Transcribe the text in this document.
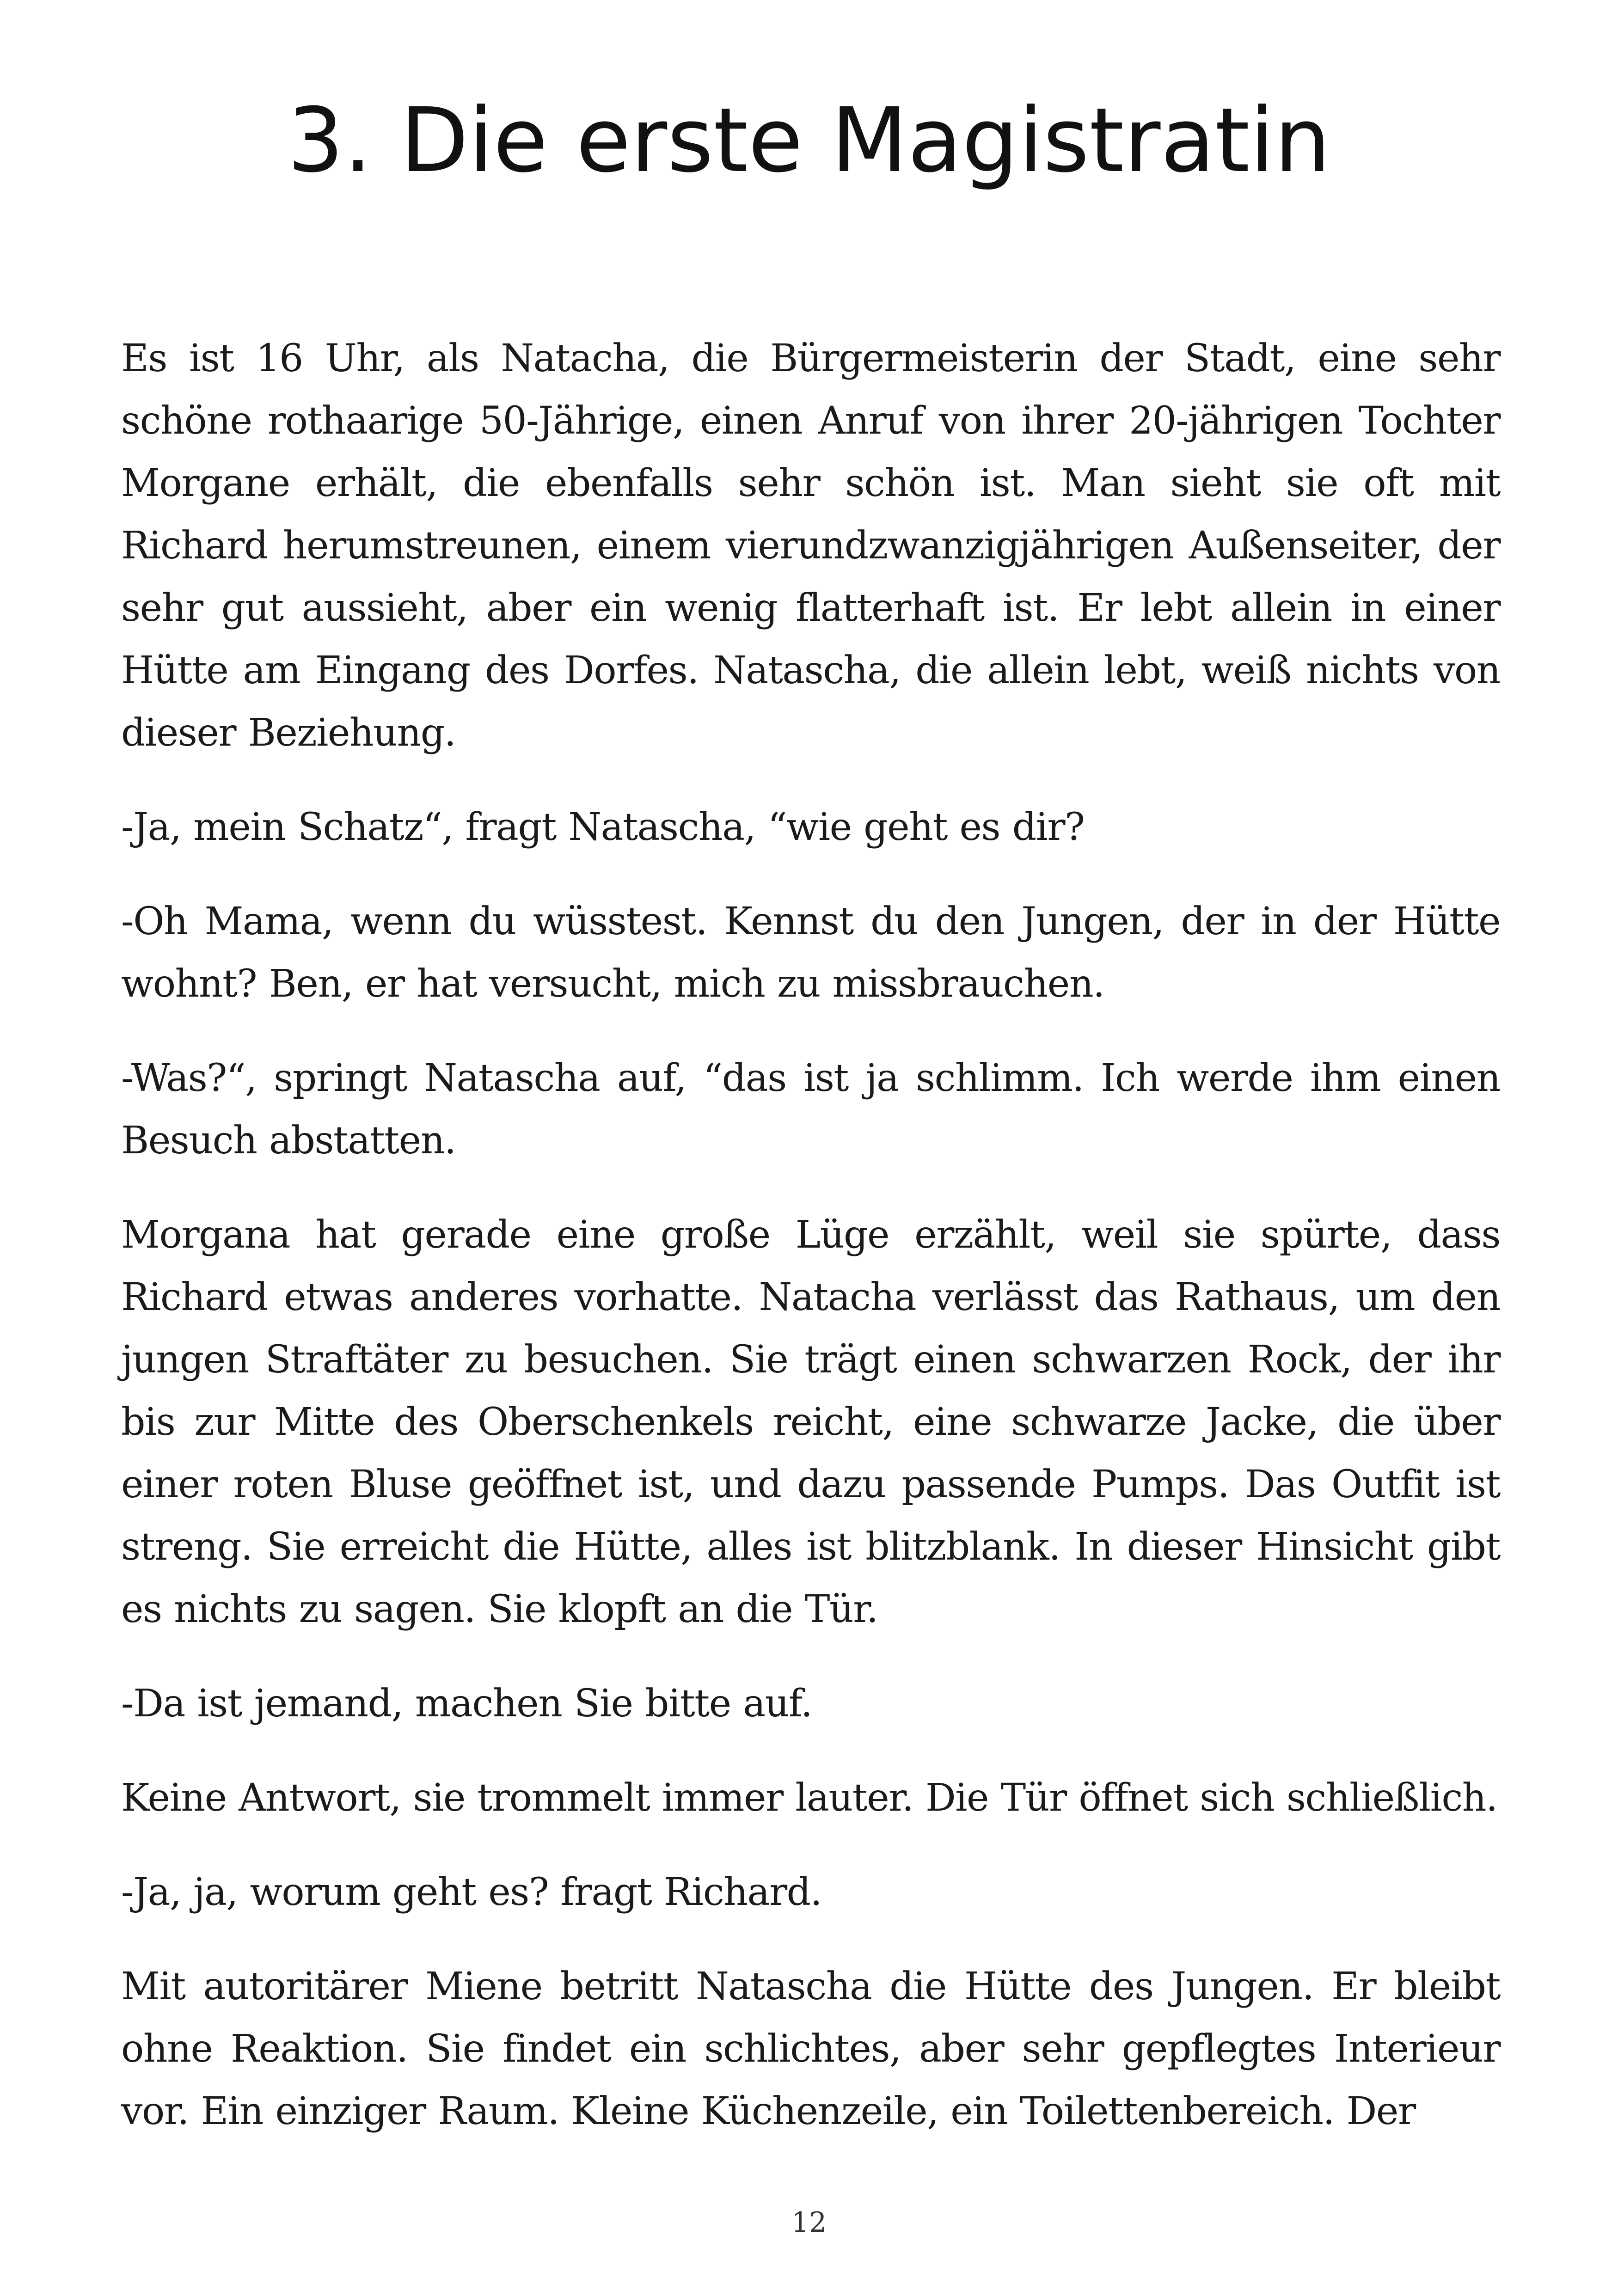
3. Die erste Magistratin

Es ist 16 Uhr, als Natacha, die Bürgermeisterin der Stadt, eine sehr schöne rothaarige 50-Jährige, einen Anruf von ihrer 20-jährigen Tochter Morgane erhält, die ebenfalls sehr schön ist. Man sieht sie oft mit Richard herumstreunen, einem vierundzwanzigjährigen Außenseiter, der sehr gut aussieht, aber ein wenig flatterhaft ist. Er lebt allein in einer Hütte am Eingang des Dorfes. Natascha, die allein lebt, weiß nichts von dieser Beziehung.

-Ja, mein Schatz“, fragt Natascha, “wie geht es dir?

-Oh Mama, wenn du wüsstest. Kennst du den Jungen, der in der Hütte wohnt? Ben, er hat versucht, mich zu missbrauchen.

-Was?“, springt Natascha auf, “das ist ja schlimm. Ich werde ihm einen Besuch abstatten.

Morgana hat gerade eine große Lüge erzählt, weil sie spürte, dass Richard etwas anderes vorhatte. Natacha verlässt das Rathaus, um den jungen Straftäter zu besuchen. Sie trägt einen schwarzen Rock, der ihr bis zur Mitte des Oberschenkels reicht, eine schwarze Jacke, die über einer roten Bluse geöffnet ist, und dazu passende Pumps. Das Outfit ist streng. Sie erreicht die Hütte, alles ist blitzblank. In dieser Hinsicht gibt es nichts zu sagen. Sie klopft an die Tür.

-Da ist jemand, machen Sie bitte auf.

Keine Antwort, sie trommelt immer lauter. Die Tür öffnet sich schließlich.

-Ja, ja, worum geht es? fragt Richard.

Mit autoritärer Miene betritt Natascha die Hütte des Jungen. Er bleibt ohne Reaktion. Sie findet ein schlichtes, aber sehr gepflegtes Interieur vor. Ein einziger Raum. Kleine Küchenzeile, ein Toilettenbereich. Der

12
